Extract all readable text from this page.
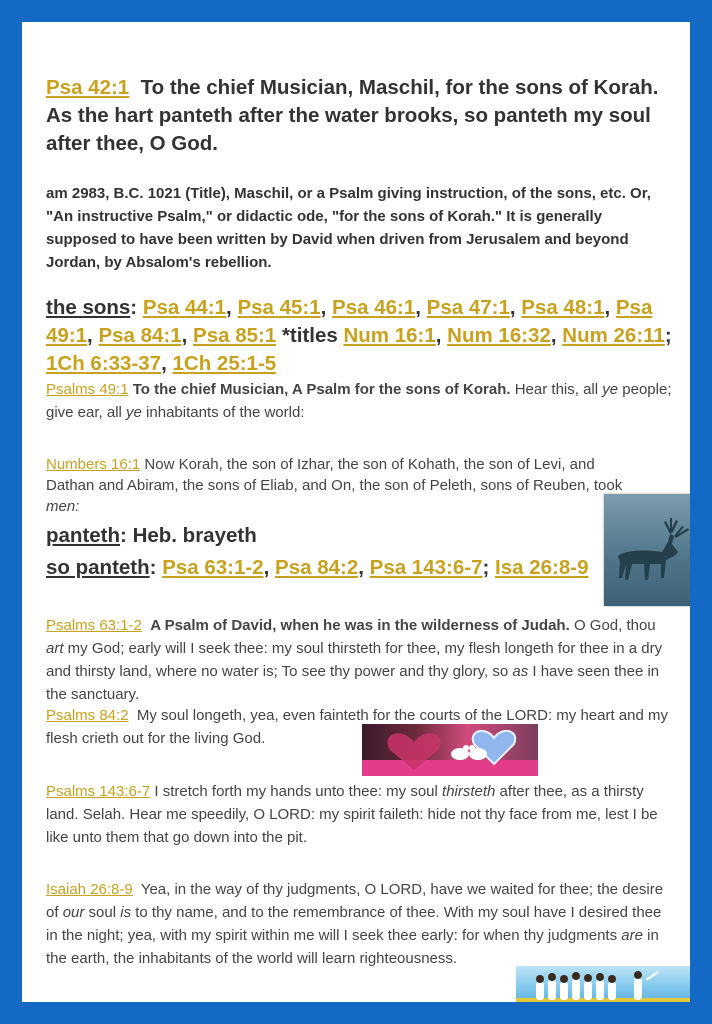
Psa 42:1 To the chief Musician, Maschil, for the sons of Korah. As the hart panteth after the water brooks, so panteth my soul after thee, O God.
am 2983, B.C. 1021 (Title), Maschil, or a Psalm giving instruction, of the sons, etc. Or, "An instructive Psalm," or didactic ode, "for the sons of Korah." It is generally supposed to have been written by David when driven from Jerusalem and beyond Jordan, by Absalom's rebellion.
the sons: Psa 44:1, Psa 45:1, Psa 46:1, Psa 47:1, Psa 48:1, Psa 49:1, Psa 84:1, Psa 85:1 *titles Num 16:1, Num 16:32, Num 26:11; 1Ch 6:33-37, 1Ch 25:1-5
Psalms 49:1 To the chief Musician, A Psalm for the sons of Korah. Hear this, all ye people; give ear, all ye inhabitants of the world:
Numbers 16:1 Now Korah, the son of Izhar, the son of Kohath, the son of Levi, and Dathan and Abiram, the sons of Eliab, and On, the son of Peleth, sons of Reuben, took men:
panteth: Heb. brayeth
so panteth: Psa 63:1-2, Psa 84:2, Psa 143:6-7; Isa 26:8-9
Psalms 63:1-2 A Psalm of David, when he was in the wilderness of Judah. O God, thou art my God; early will I seek thee: my soul thirsteth for thee, my flesh longeth for thee in a dry and thirsty land, where no water is; To see thy power and thy glory, so as I have seen thee in the sanctuary.
Psalms 84:2 My soul longeth, yea, even fainteth for the courts of the LORD: my heart and my flesh crieth out for the living God.
Psalms 143:6-7 I stretch forth my hands unto thee: my soul thirsteth after thee, as a thirsty land. Selah. Hear me speedily, O LORD: my spirit faileth: hide not thy face from me, lest I be like unto them that go down into the pit.
Isaiah 26:8-9 Yea, in the way of thy judgments, O LORD, have we waited for thee; the desire of our soul is to thy name, and to the remembrance of thee. With my soul have I desired thee in the night; yea, with my spirit within me will I seek thee early: for when thy judgments are in the earth, the inhabitants of the world will learn righteousness.
